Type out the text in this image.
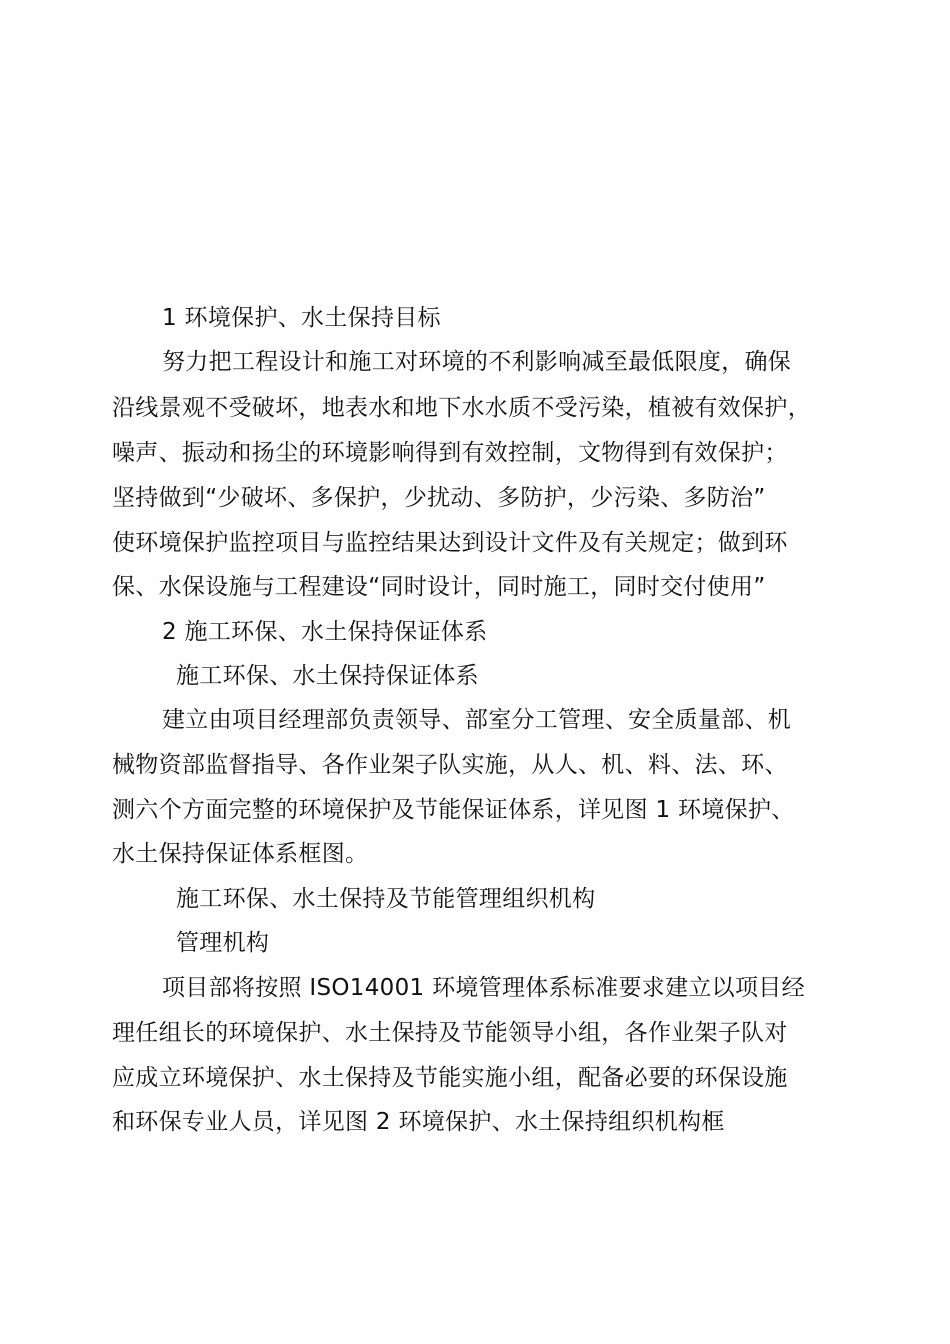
1 环境保护、水土保持目标
努力把工程设计和施工对环境的不利影响减至最低限度，确保
沿线景观不受破坏，地表水和地下水水质不受污染，植被有效保护，
噪声、振动和扬尘的环境影响得到有效控制，文物得到有效保护；
坚持做到“少破坏、多保护，少扰动、多防护，少污染、多防治”
使环境保护监控项目与监控结果达到设计文件及有关规定；做到环
保、水保设施与工程建设“同时设计，同时施工，同时交付使用”
2 施工环保、水土保持保证体系
施工环保、水土保持保证体系
建立由项目经理部负责领导、部室分工管理、安全质量部、机
械物资部监督指导、各作业架子队实施，从人、机、料、法、环、
测六个方面完整的环境保护及节能保证体系，详见图 1 环境保护、
水土保持保证体系框图。
施工环保、水土保持及节能管理组织机构
管理机构
项目部将按照 ISO14001 环境管理体系标准要求建立以项目经
理任组长的环境保护、水土保持及节能领导小组，各作业架子队对
应成立环境保护、水土保持及节能实施小组，配备必要的环保设施
和环保专业人员，详见图 2 环境保护、水土保持组织机构框
